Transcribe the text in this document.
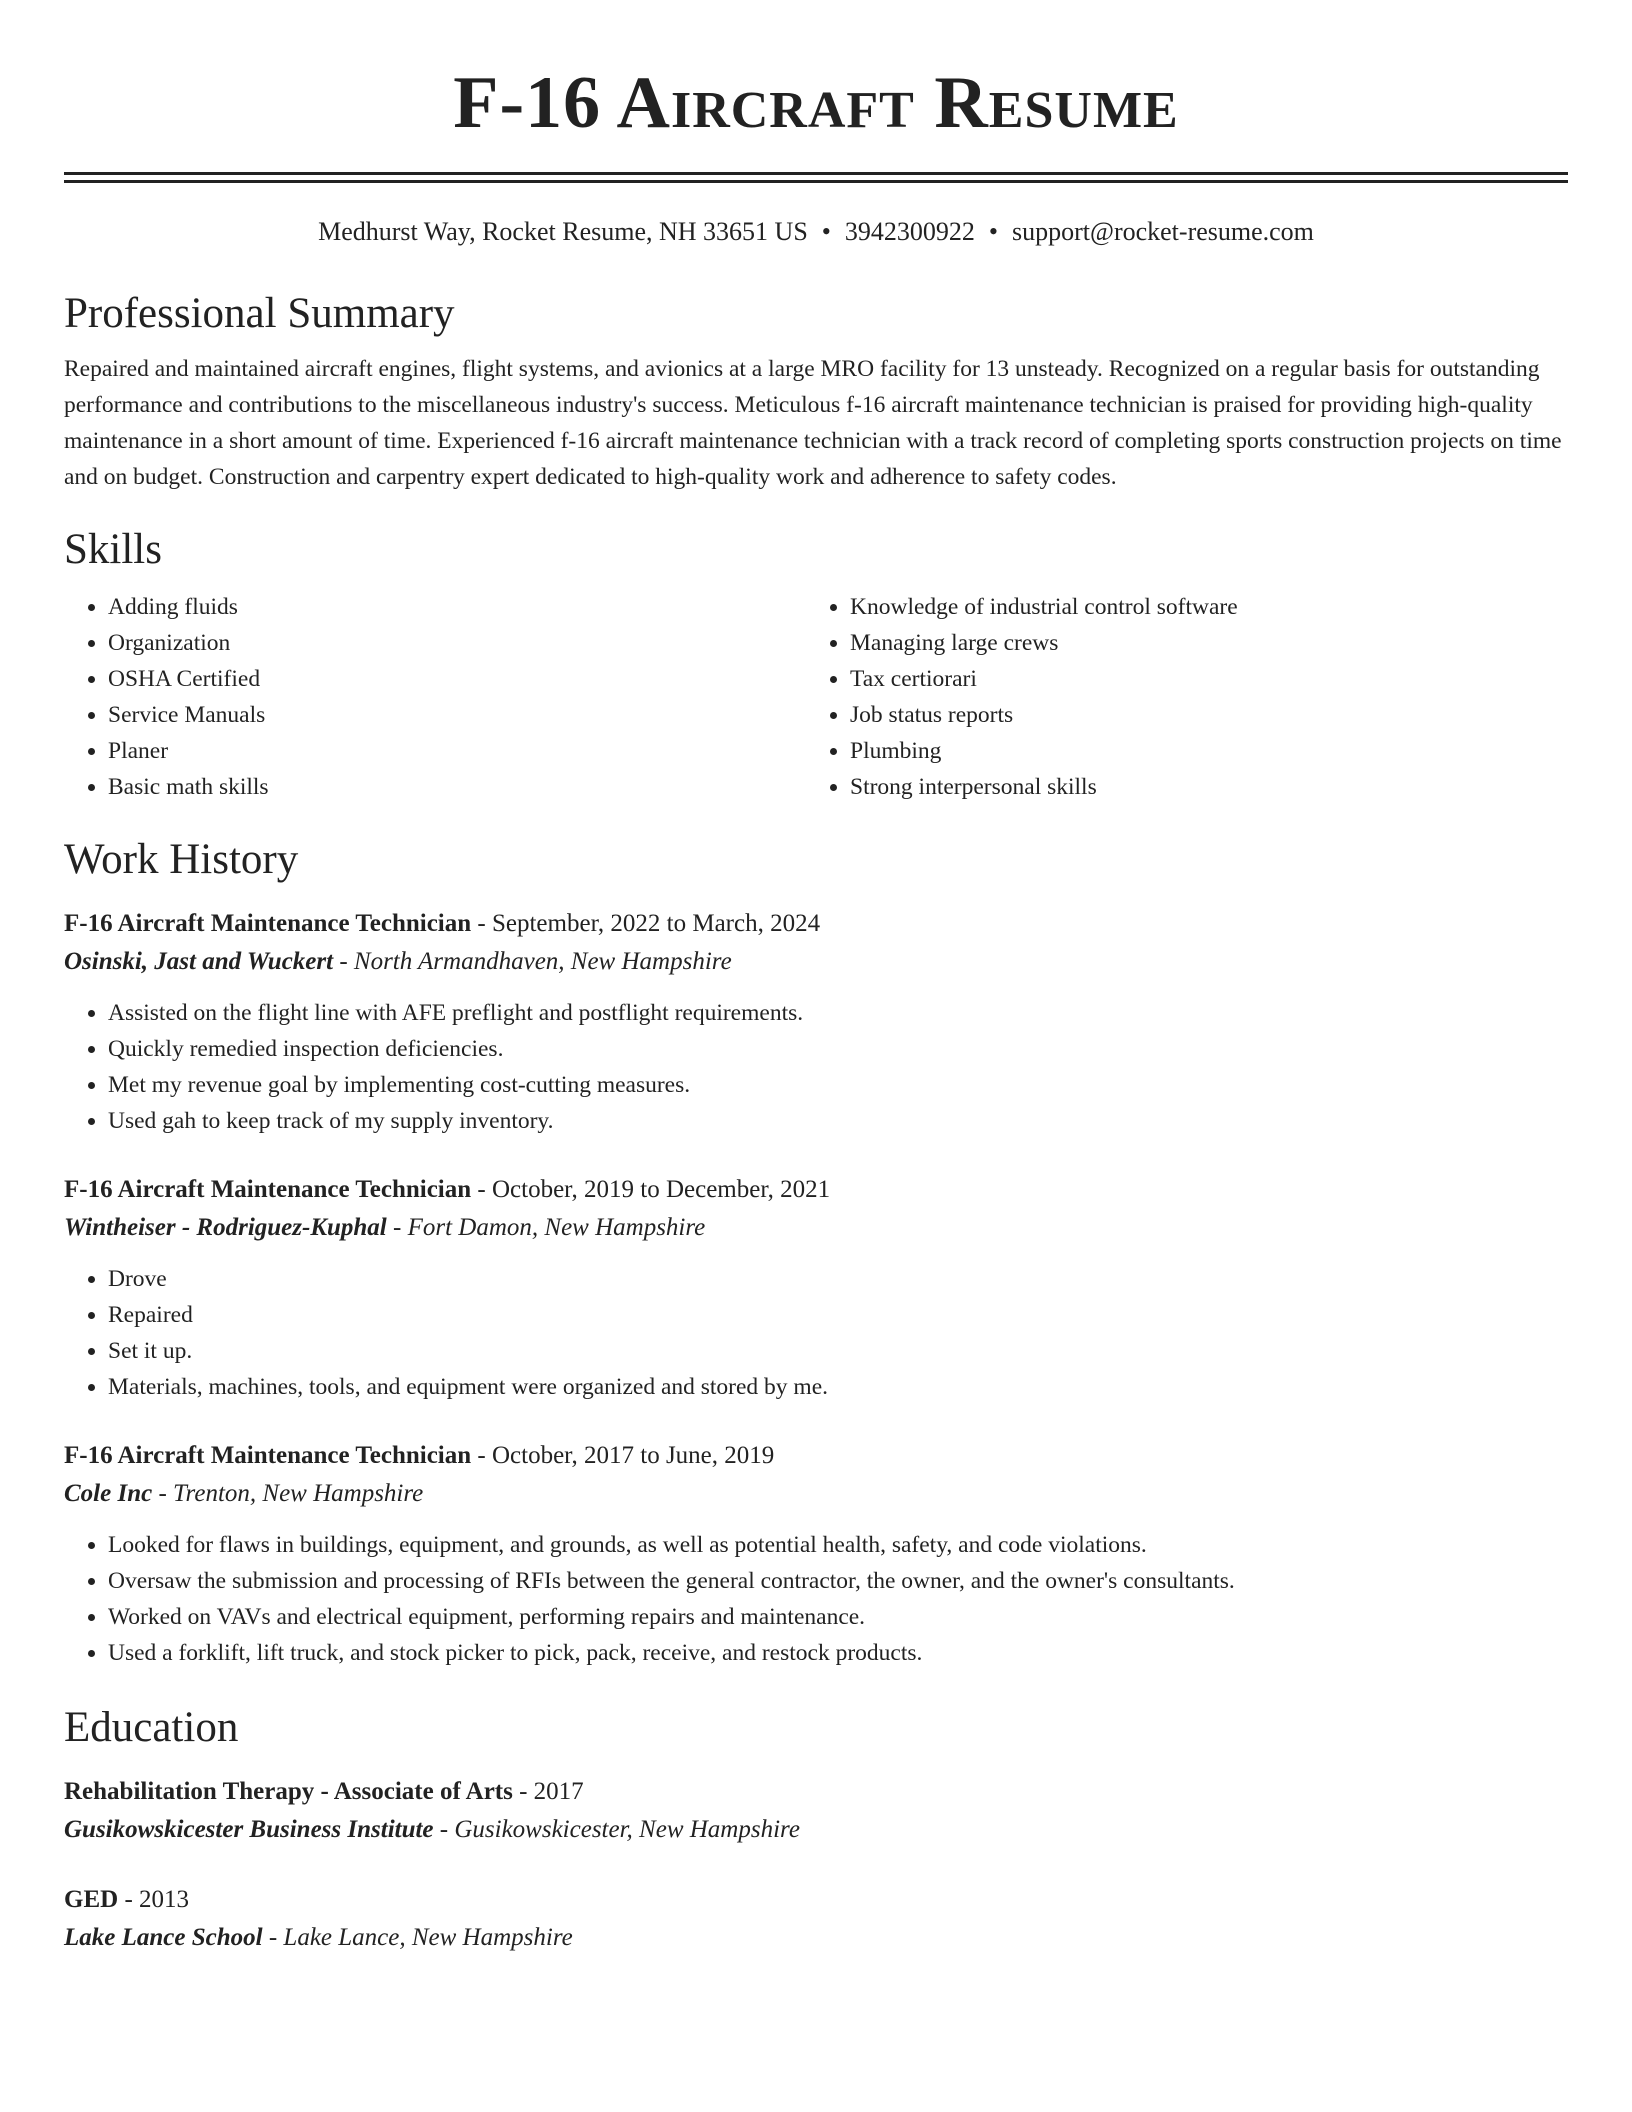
F-16 Aircraft Resume
Medhurst Way, Rocket Resume, NH 33651 US • 3942300922 • support@rocket-resume.com
Professional Summary

Repaired and maintained aircraft engines, flight systems, and avionics at a large MRO facility for 13 unsteady. Recognized on a regular basis for outstanding performance and contributions to the miscellaneous industry's success. Meticulous f-16 aircraft maintenance technician is praised for providing high-quality maintenance in a short amount of time. Experienced f-16 aircraft maintenance technician with a track record of completing sports construction projects on time and on budget. Construction and carpentry expert dedicated to high-quality work and adherence to safety codes.

Skills
• Adding fluids
• Organization
• OSHA Certified
• Service Manuals
• Planer
• Basic math skills
• Knowledge of industrial control software
• Managing large crews
• Tax certiorari
• Job status reports
• Plumbing
• Strong interpersonal skills
Work History
F-16 Aircraft Maintenance Technician - September, 2022 to March, 2024
Osinski, Jast and Wuckert - North Armandhaven, New Hampshire
• Assisted on the flight line with AFE preflight and postflight requirements.
• Quickly remedied inspection deficiencies.
• Met my revenue goal by implementing cost-cutting measures.
• Used gah to keep track of my supply inventory.
F-16 Aircraft Maintenance Technician - October, 2019 to December, 2021
Wintheiser - Rodriguez-Kuphal - Fort Damon, New Hampshire
• Drove
• Repaired
• Set it up.
• Materials, machines, tools, and equipment were organized and stored by me.
F-16 Aircraft Maintenance Technician - October, 2017 to June, 2019
Cole Inc - Trenton, New Hampshire
• Looked for flaws in buildings, equipment, and grounds, as well as potential health, safety, and code violations.
• Oversaw the submission and processing of RFIs between the general contractor, the owner, and the owner's consultants.
• Worked on VAVs and electrical equipment, performing repairs and maintenance.
• Used a forklift, lift truck, and stock picker to pick, pack, receive, and restock products.
Education
Rehabilitation Therapy - Associate of Arts - 2017
Gusikowskicester Business Institute - Gusikowskicester, New Hampshire
GED - 2013
Lake Lance School - Lake Lance, New Hampshire
